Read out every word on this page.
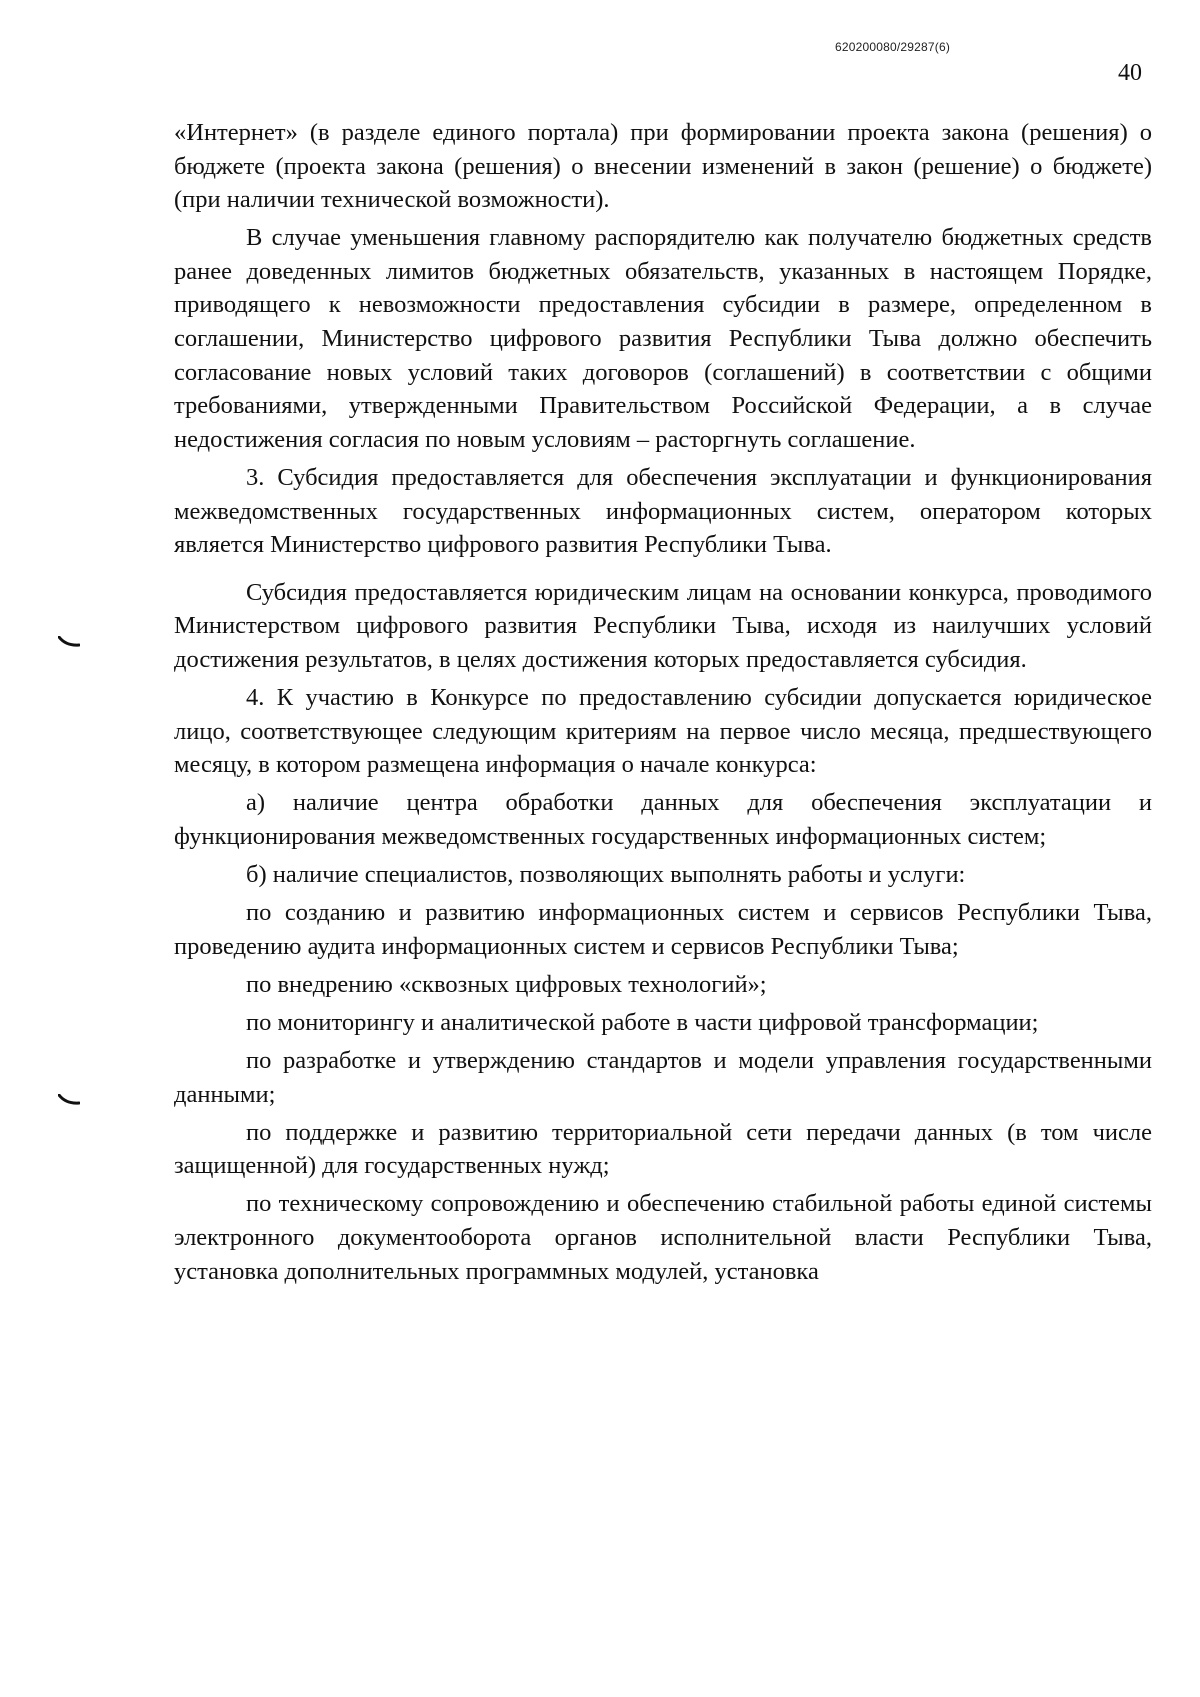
620200080/29287(6)
40

«Интернет» (в разделе единого портала) при формировании проекта закона (решения) о бюджете (проекта закона (решения) о внесении изменений в закон (решение) о бюджете) (при наличии технической возможности).

В случае уменьшения главному распорядителю как получателю бюджетных средств ранее доведенных лимитов бюджетных обязательств, указанных в настоящем Порядке, приводящего к невозможности предоставления субсидии в размере, определенном в соглашении, Министерство цифрового развития Республики Тыва должно обеспечить согласование новых условий таких договоров (соглашений) в соответствии с общими требованиями, утвержденными Правительством Российской Федерации, а в случае недостижения согласия по новым условиям – расторгнуть соглашение.

3. Субсидия предоставляется для обеспечения эксплуатации и функционирования межведомственных государственных информационных систем, оператором которых является Министерство цифрового развития Республики Тыва.

Субсидия предоставляется юридическим лицам на основании конкурса, проводимого Министерством цифрового развития Республики Тыва, исходя из наилучших условий достижения результатов, в целях достижения которых предоставляется субсидия.

4. К участию в Конкурсе по предоставлению субсидии допускается юридическое лицо, соответствующее следующим критериям на первое число месяца, предшествующего месяцу, в котором размещена информация о начале конкурса:

а) наличие центра обработки данных для обеспечения эксплуатации и функционирования межведомственных государственных информационных систем;

б) наличие специалистов, позволяющих выполнять работы и услуги:

по созданию и развитию информационных систем и сервисов Республики Тыва, проведению аудита информационных систем и сервисов Республики Тыва;

по внедрению «сквозных цифровых технологий»;

по мониторингу и аналитической работе в части цифровой трансформации;

по разработке и утверждению стандартов и модели управления государственными данными;

по поддержке и развитию территориальной сети передачи данных (в том числе защищенной) для государственных нужд;

по техническому сопровождению и обеспечению стабильной работы единой системы электронного документооборота органов исполнительной власти Республики Тыва, установка дополнительных программных модулей, установка
